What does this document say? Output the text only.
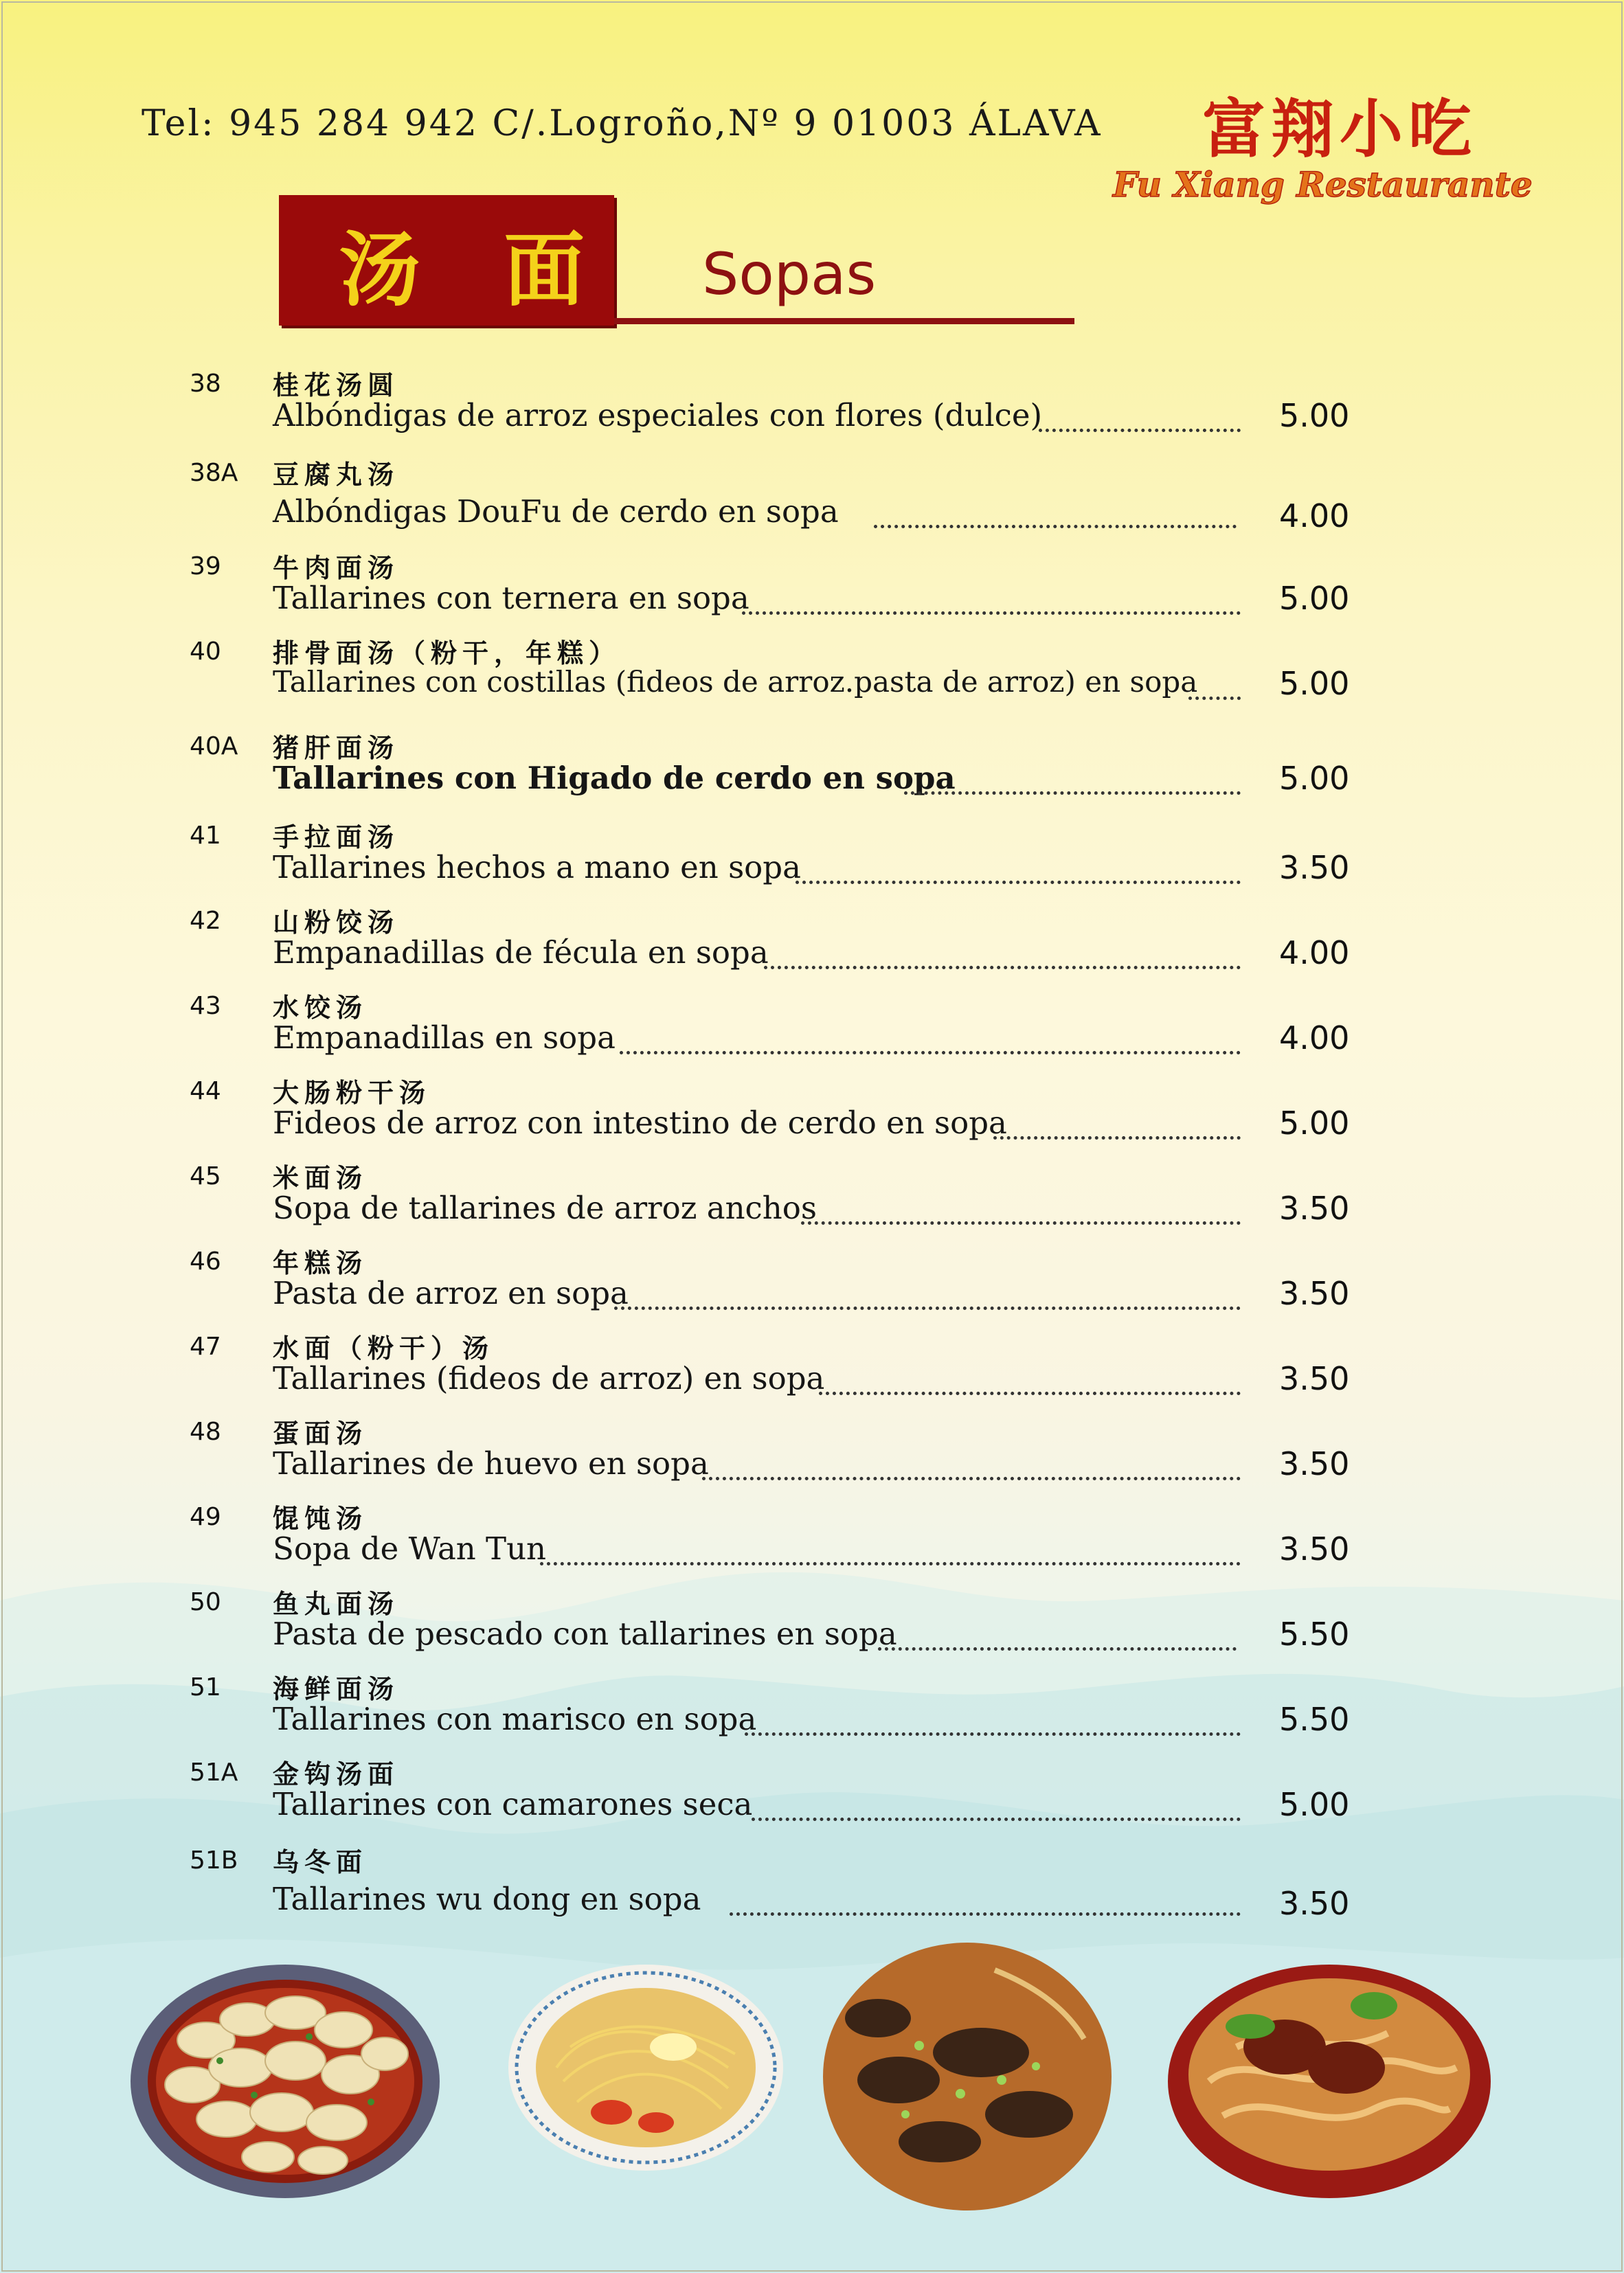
Tel: 945 284 942 C/.Logroño,Nº 9 01003 ÁLAVA 富翔小吃
Fu Xiang Restaurante
汤 面 Sopas
38 桂花汤圆
Albóndigas de arroz especiales con flores (dulce)	5.00
38A 豆腐丸汤
Albóndigas DouFu de cerdo en sopa	4.00
39 牛肉面汤
Tallarines con ternera en sopa	5.00
40 排骨面汤（粉干，年糕）
Tallarines con costillas (fideos de arroz.pasta de arroz) en sopa	5.00
40A 猪肝面汤
Tallarines con Higado de cerdo en sopa	5.00
41 手拉面汤
Tallarines hechos a mano en sopa	3.50
42 山粉饺汤
Empanadillas de fécula en sopa	4.00
43 水饺汤
Empanadillas en sopa	4.00
44 大肠粉干汤
Fideos de arroz con intestino de cerdo en sopa	5.00
45 米面汤
Sopa de tallarines de arroz anchos	3.50
46 年糕汤
Pasta de arroz en sopa	3.50
47 水面（粉干）汤
Tallarines (fideos de arroz) en sopa	3.50
48 蛋面汤
Tallarines de huevo en sopa	3.50
49 馄饨汤
Sopa de Wan Tun	3.50
50 鱼丸面汤
Pasta de pescado con tallarines en sopa	5.50
51 海鲜面汤
Tallarines con marisco en sopa	5.50
51A 金钩汤面
Tallarines con camarones seca	5.00
51B 乌冬面
Tallarines wu dong en sopa	3.50
